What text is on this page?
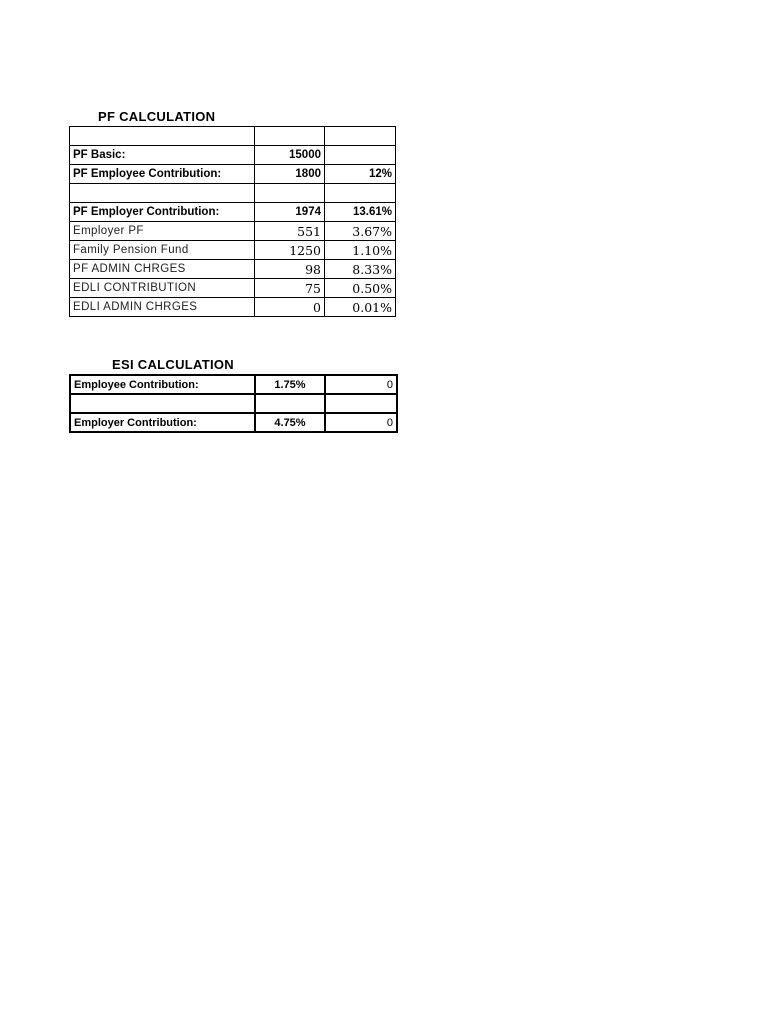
PF CALCULATION

PF Basic:	15000	
PF Employee Contribution:	1800	12%

PF Employer Contribution:	1974	13.61%
Employer PF	551	3.67%
Family Pension Fund	1250	1.10%
PF ADMIN CHRGES	98	8.33%
EDLI CONTRIBUTION	75	0.50%
EDLI ADMIN CHRGES	0	0.01%
ESI CALCULATION
Employee Contribution:	1.75%	0

Employer Contribution:	4.75%	0
